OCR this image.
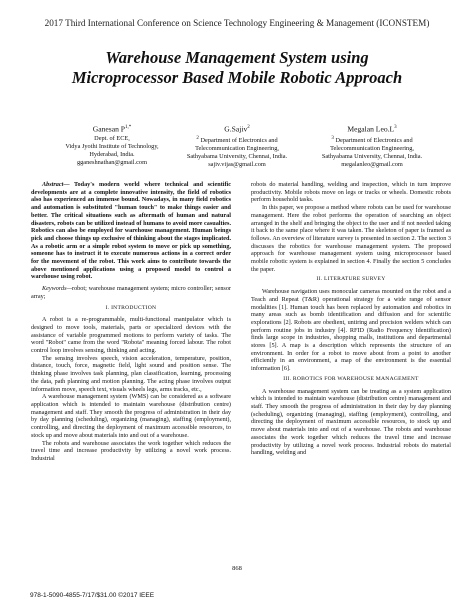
2017 Third International Conference on Science Technology Engineering & Management (ICONSTEM)
Warehouse Management System using
Microprocessor Based Mobile Robotic Approach
Ganesan $P^{1,*}$
Dept. of ECE,
Vidya Jyothi Institute of Technology,
Hyderabad, India.
gganeshnathan@gmail.com
G.Sajiv$^2$
$^2$ Department of Electronics and
Telecommunication Engineering,
Sathyabama University, Chennai, India.
sajiv.vijas@gmail.com
Megalan $Leo.L^3$
$^3$ Department of Electronics and
Telecommunication Engineering,
Sathyabama University, Chennai, India.
megalanleo@gmail.com

Abstract— Today's modern world where technical and scientific developments are at a complete innovative intensity, the field of robotics also has experienced an immense bound. Nowadays, in many field robotics and automation is substituted "human touch" to make things easier and better. The critical situations such as aftermath of human and natural disasters, robots can be utilized instead of humans to avoid more casualties. Robotics can also be employed for warehouse management. Human beings pick and choose things up exclusive of thinking about the stages implicated. As a robotic arm or a simple robot system to move or pick up something, someone has to instruct it to execute numerous actions in a correct order for the movement of the robot. This work aims to contribute towards the above mentioned applications using a proposed model to control a warehouse using robot.

Keywords—robot; warehouse management system; micro controller; sensor array;

I. INTRODUCTION

A robot is a re-programmable, multi-functional manipulator which is designed to move tools, materials, parts or specialized devices with the assistance of variable programmed motions to perform variety of tasks. The word "Robot" came from the word "Robota" meaning forced labour. The robot control loop involves sensing, thinking and acting.

The sensing involves speech, vision acceleration, temperature, position, distance, touch, force, magnetic field, light sound and position sense. The thinking phase involves task planning, plan classification, learning, processing the data, path planning and motion planning. The acting phase involves output information move, speech text, visuals wheels legs, arms tracks, etc.,

A warehouse management system (WMS) can be considered as a software application which is intended to maintain warehouse (distribution centre) management and staff. They smooth the progress of administration in their day by day planning (scheduling), organizing (managing), staffing (employment), controlling, and directing the deployment of maximum accessible resources, to stock up and move about materials into and out of a warehouse.

The robots and warehouse associates the work together which reduces the travel time and increase productivity by utilizing a novel work process. Industrial

robots do material handling, welding and inspection, which in turn improve productivity. Mobile robots move on legs or tracks or wheels. Domestic robots perform household tasks.

In this paper, we propose a method where robots can be used for warehouse management. Here the robot performs the operation of searching an object arranged in the shelf and bringing the object to the user and if not needed taking it back to the same place where it was taken. The skeleton of paper is framed as follows. An overview of literature survey is presented in section 2. The section 3 discusses the robotics for warehouse management system. The proposed approach for warehouse management system using microprocessor based mobile robotic system is explained in section 4. Finally the section 5 concludes the paper.

II. LITERATURE SURVEY

Warehouse navigation uses monocular cameras mounted on the robot and a Teach and Repeat (T&R) operational strategy for a wide range of sensor modalities [1]. Human touch has been replaced by automation and robotics in many areas such as bomb identification and diffusion and for scientific explorations [2]. Robots are obedient, untiring and precision welders which can perform routine jobs in industry [4]. RFID (Radio Frequency Identification) finds large scope in industries, shopping malls, institutions and departmental stores [5]. A map is a description which represents the structure of an environment. In order for a robot to move about from a point to another efficiently in an environment, a map of the environment is the essential information [6].

III. ROBOTICS FOR WAREHOUSE MANAGEMENT

A warehouse management system can be treating as a system application which is intended to maintain warehouse (distribution centre) management and staff. They smooth the progress of administration in their day by day planning (scheduling), organizing (managing), staffing (employment), controlling, and directing the deployment of maximum accessible resources, to stock up and move about materials into and out of a warehouse. The robots and warehouse associates the work together which reduces the travel time and increase productivity by utilizing a novel work process. Industrial robots do material handling, welding and

868
978-1-5090-4855-7/17/$31.00 ©2017 IEEE
